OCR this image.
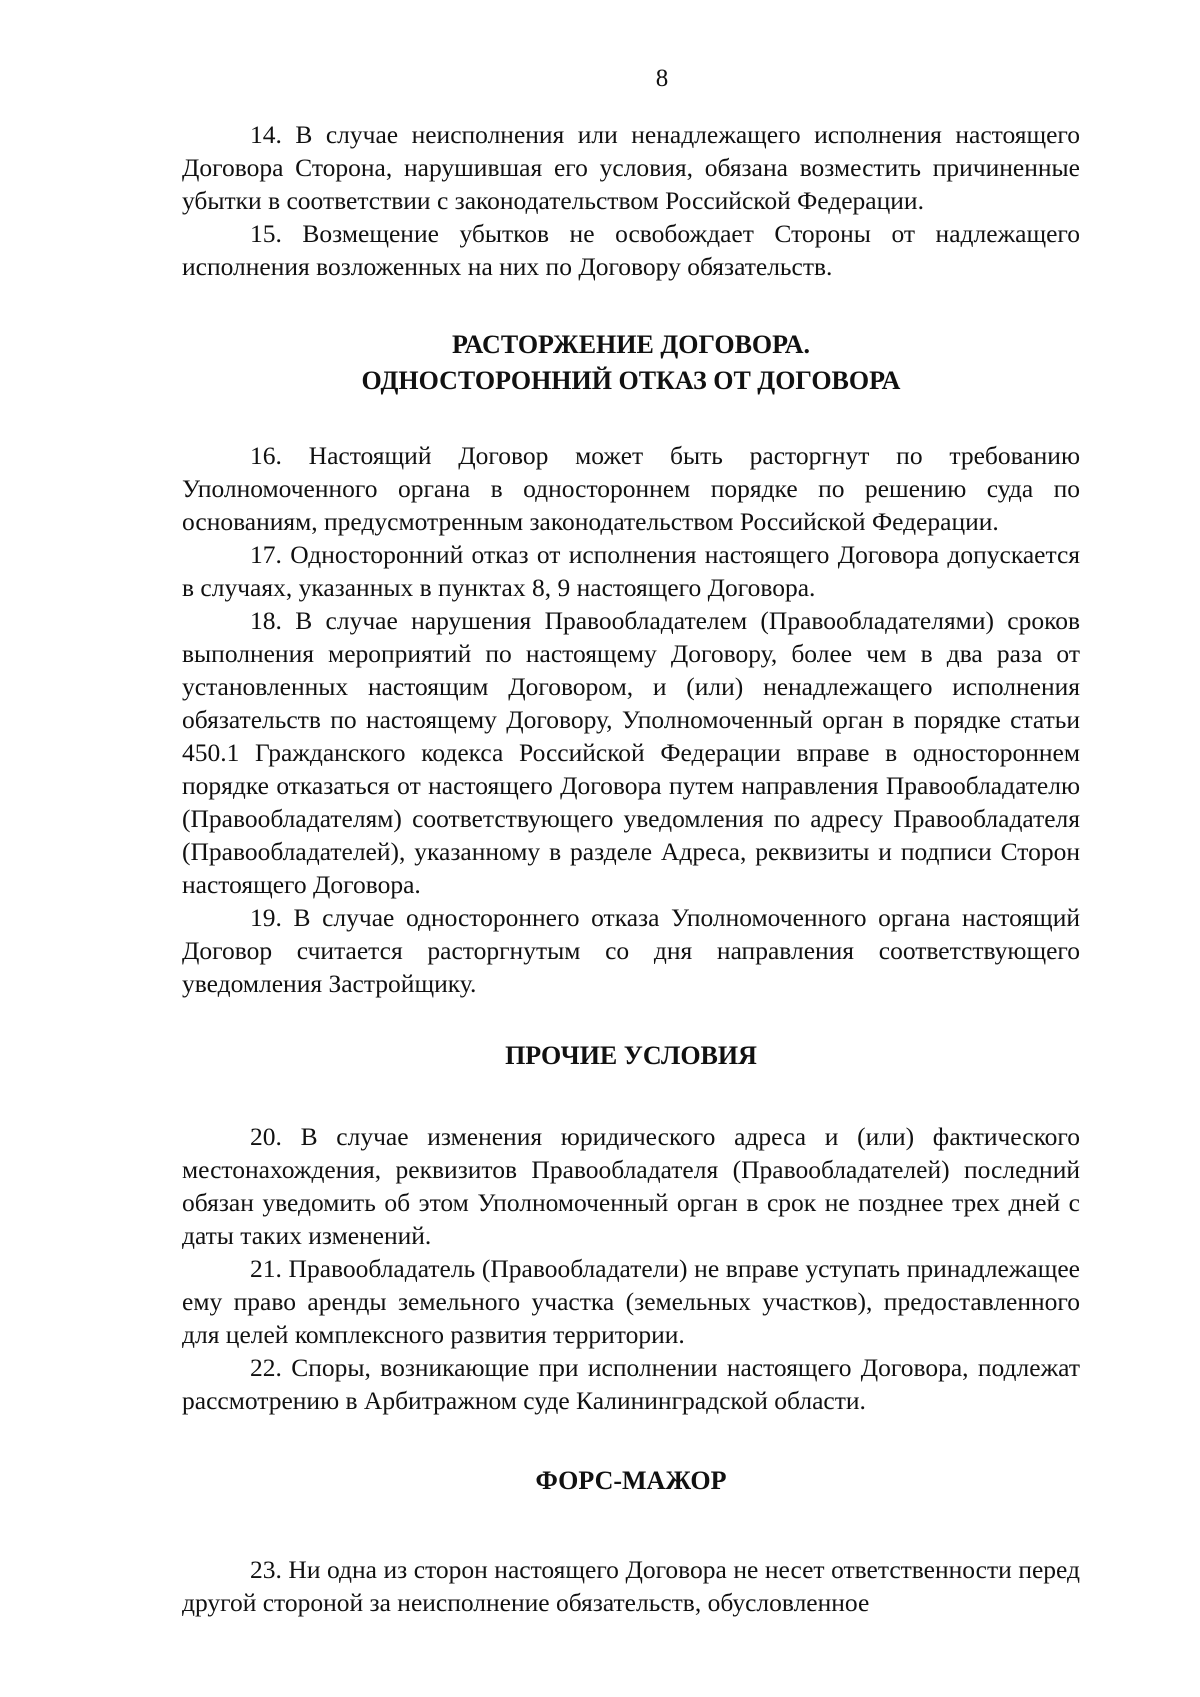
8

14. В случае неисполнения или ненадлежащего исполнения настоящего Договора Сторона, нарушившая его условия, обязана возместить причиненные убытки в соответствии с законодательством Российской Федерации.

15. Возмещение убытков не освобождает Стороны от надлежащего исполнения возложенных на них по Договору обязательств.

РАСТОРЖЕНИЕ ДОГОВОРА.
ОДНОСТОРОННИЙ ОТКАЗ ОТ ДОГОВОРА

16. Настоящий Договор может быть расторгнут по требованию Уполномоченного органа в одностороннем порядке по решению суда по основаниям, предусмотренным законодательством Российской Федерации.

17. Односторонний отказ от исполнения настоящего Договора допускается в случаях, указанных в пунктах 8, 9 настоящего Договора.

18. В случае нарушения Правообладателем (Правообладателями) сроков выполнения мероприятий по настоящему Договору, более чем в два раза от установленных настоящим Договором, и (или) ненадлежащего исполнения обязательств по настоящему Договору, Уполномоченный орган в порядке статьи 450.1 Гражданского кодекса Российской Федерации вправе в одностороннем порядке отказаться от настоящего Договора путем направления Правообладателю (Правообладателям) соответствующего уведомления по адресу Правообладателя (Правообладателей), указанному в разделе Адреса, реквизиты и подписи Сторон настоящего Договора.

19. В случае одностороннего отказа Уполномоченного органа настоящий Договор считается расторгнутым со дня направления соответствующего уведомления Застройщику.

ПРОЧИЕ УСЛОВИЯ

20. В случае изменения юридического адреса и (или) фактического местонахождения, реквизитов Правообладателя (Правообладателей) последний обязан уведомить об этом Уполномоченный орган в срок не позднее трех дней с даты таких изменений.

21. Правообладатель (Правообладатели) не вправе уступать принадлежащее ему право аренды земельного участка (земельных участков), предоставленного для целей комплексного развития территории.

22. Споры, возникающие при исполнении настоящего Договора, подлежат рассмотрению в Арбитражном суде Калининградской области.

ФОРС-МАЖОР

23. Ни одна из сторон настоящего Договора не несет ответственности перед другой стороной за неисполнение обязательств, обусловленное
